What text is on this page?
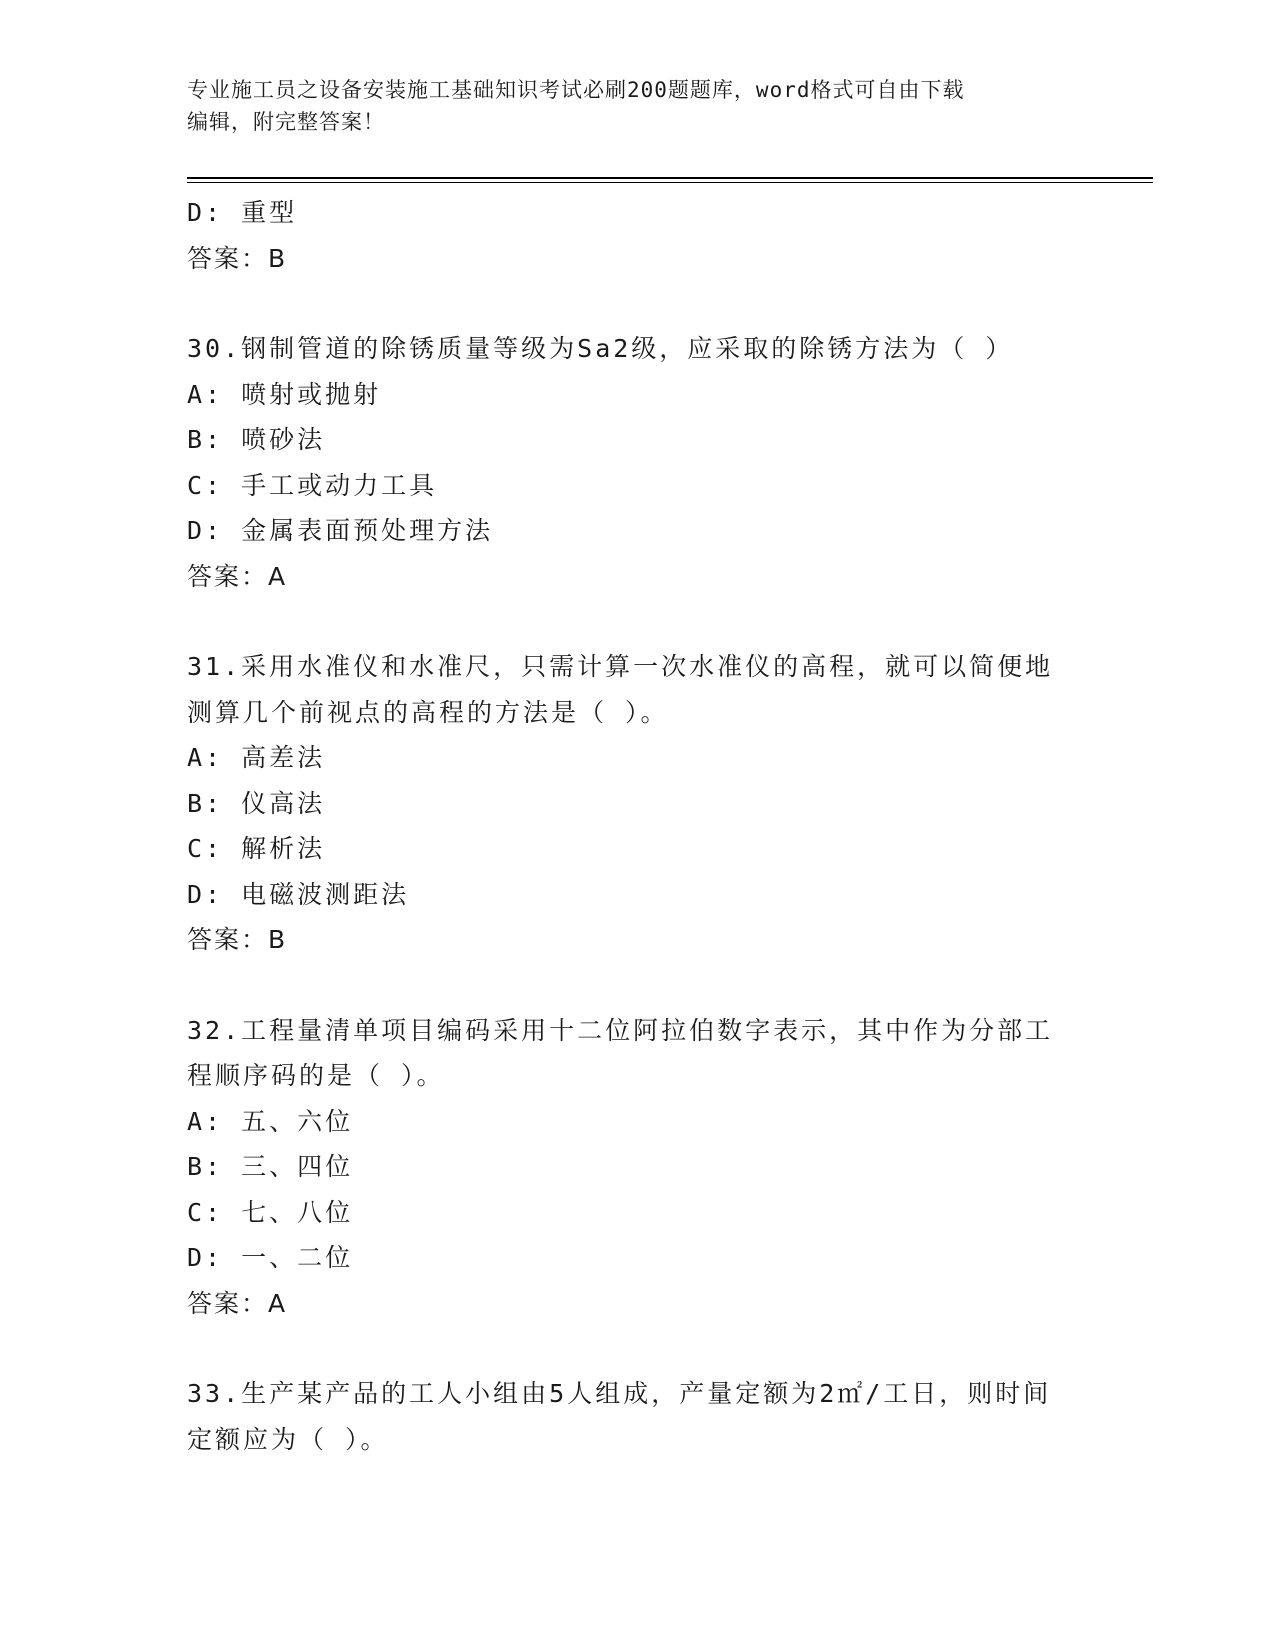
专业施工员之设备安装施工基础知识考试必刷200题题库，word格式可自由下载
编辑，附完整答案！
D: 重型
答案：B
30.钢制管道的除锈质量等级为Sa2级，应采取的除锈方法为（ ）
A: 喷射或抛射
B: 喷砂法
C: 手工或动力工具
D: 金属表面预处理方法
答案：A
31.采用水准仪和水准尺，只需计算一次水准仪的高程，就可以简便地
测算几个前视点的高程的方法是（ ）。
A: 高差法
B: 仪高法
C: 解析法
D: 电磁波测距法
答案：B
32.工程量清单项目编码采用十二位阿拉伯数字表示，其中作为分部工
程顺序码的是（ ）。
A: 五、六位
B: 三、四位
C: 七、八位
D: 一、二位
答案：A
33.生产某产品的工人小组由5人组成，产量定额为2㎡/工日，则时间
定额应为（ ）。
